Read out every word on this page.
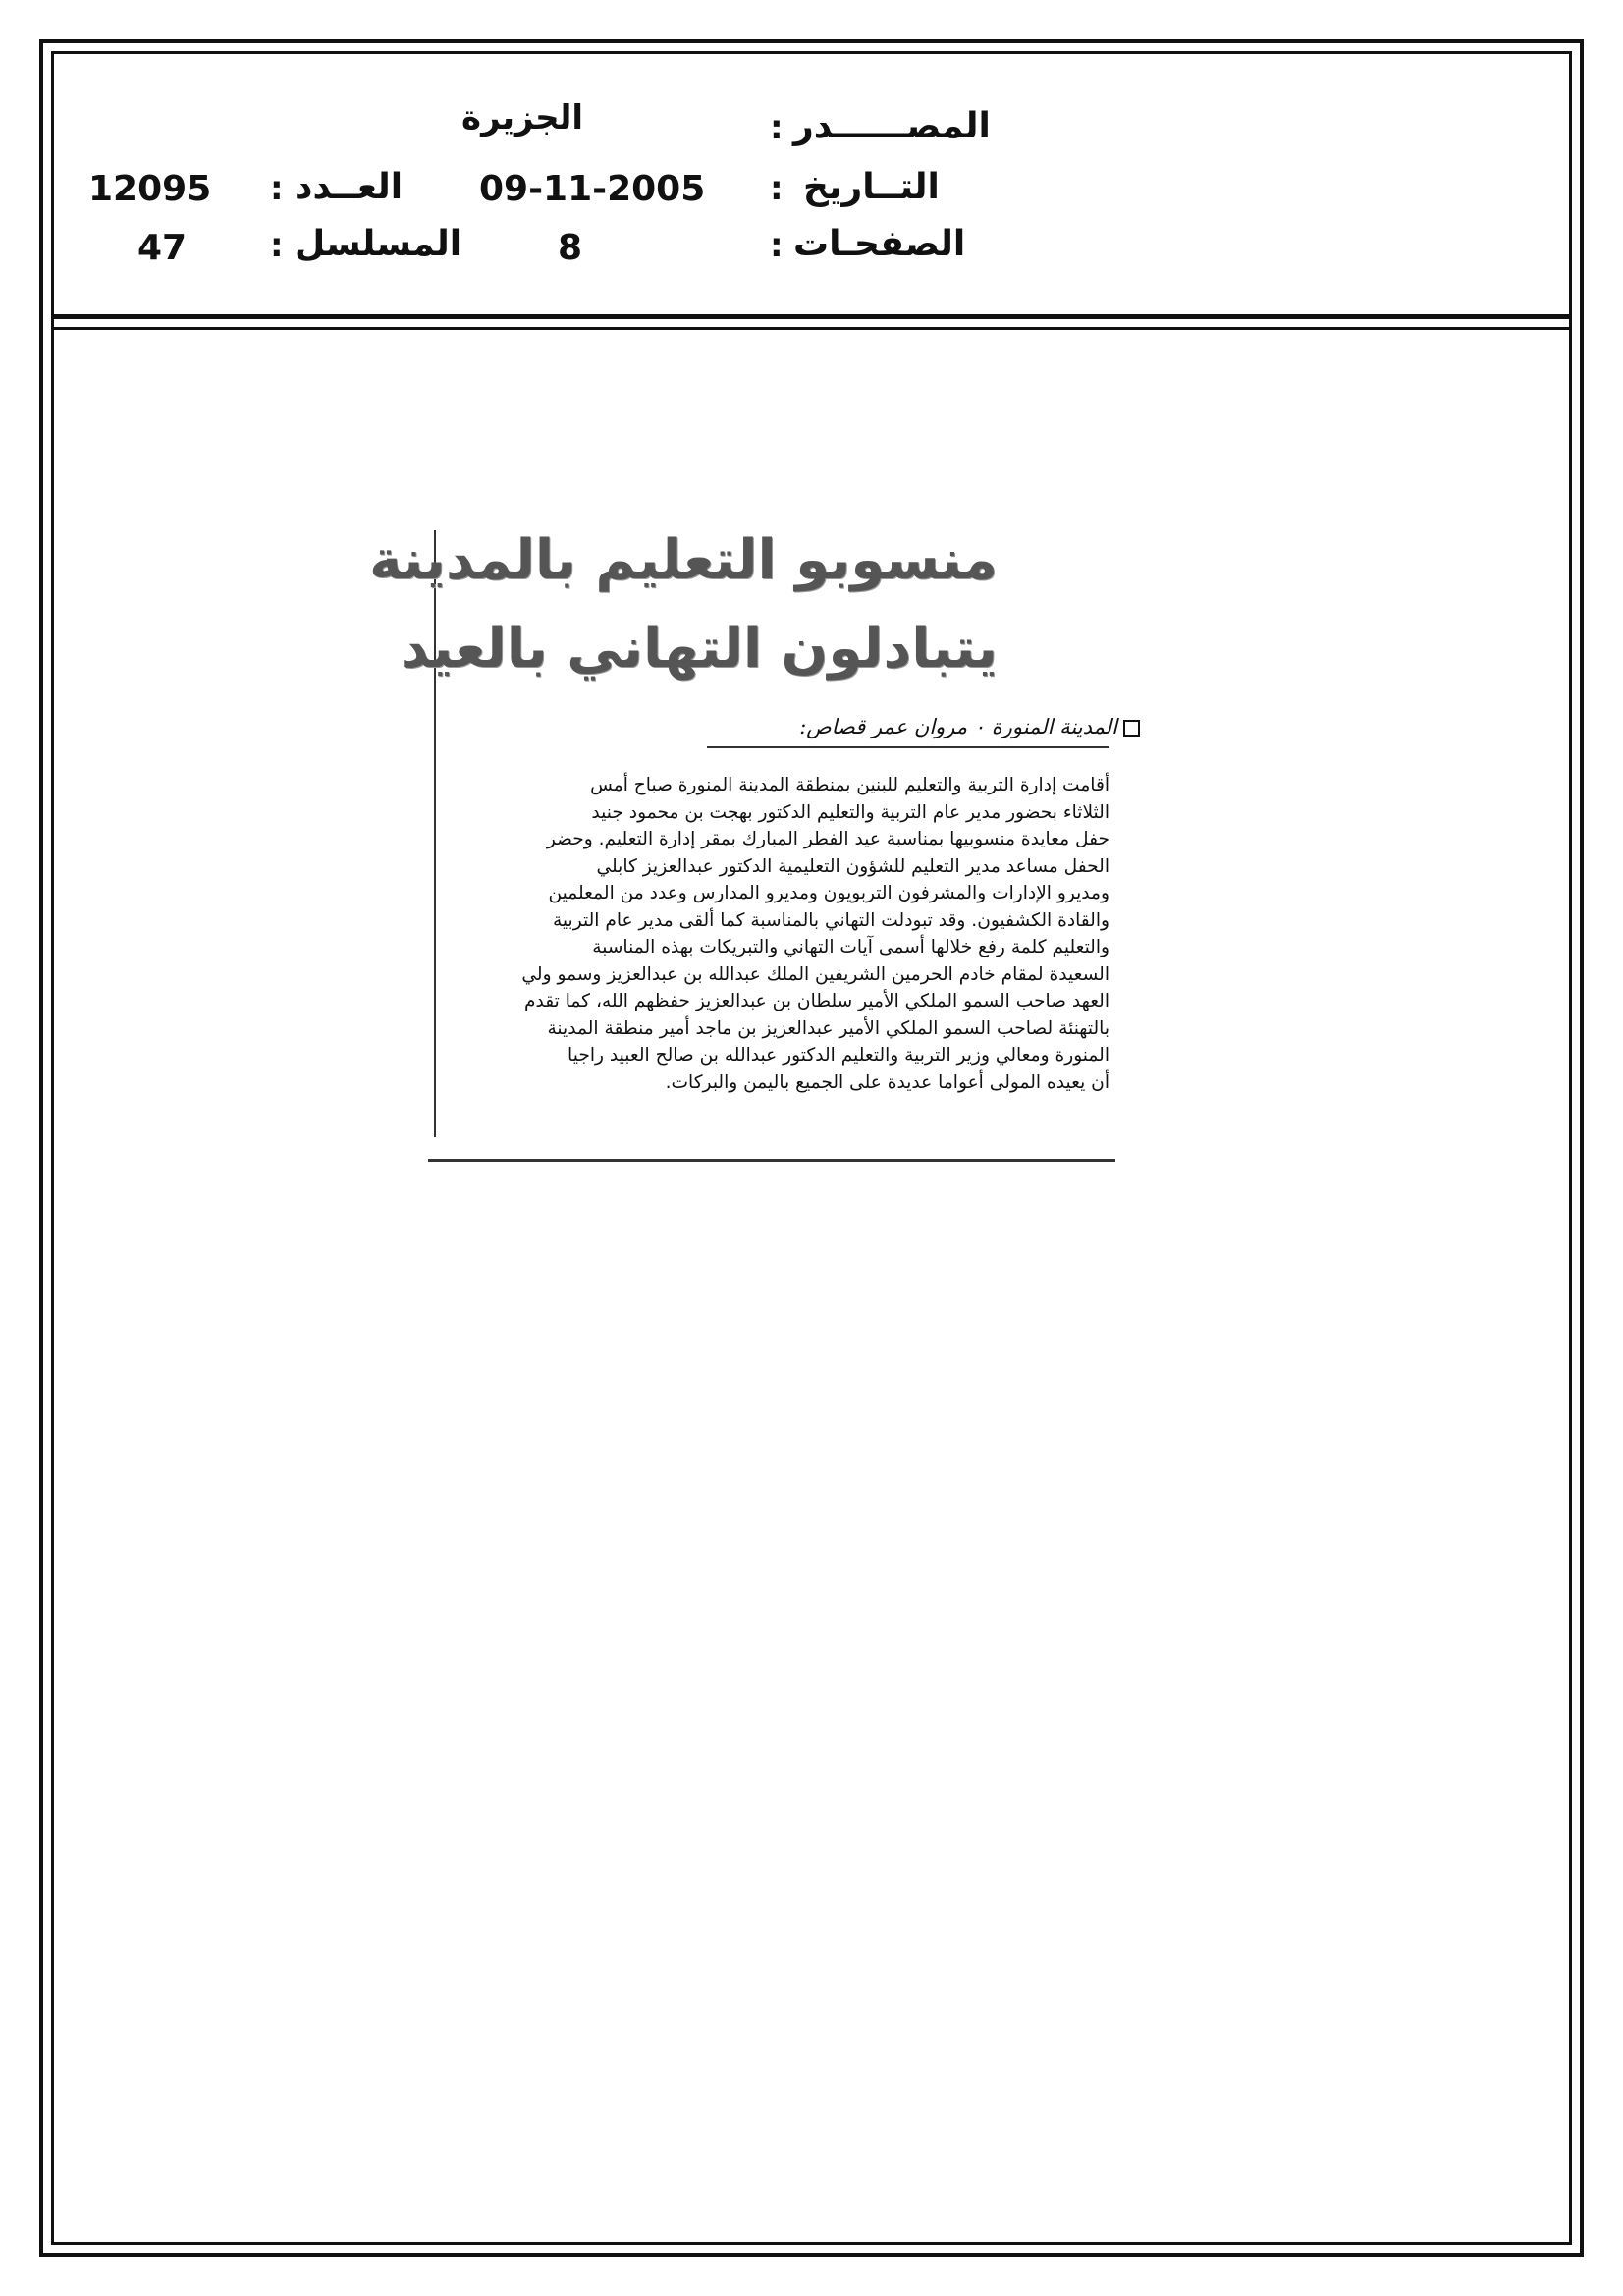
المصــــــدر
:
الجزيرة
التــاريخ
:
09-11-2005
العــدد
:
12095
الصفحـات
:
8
المسلسل
:
47
منسوبو التعليم بالمدينة
يتبادلون التهاني بالعيد
المدينة المنورة ٠ مروان عمر قصاص:

أقامت إدارة التربية والتعليم للبنين بمنطقة المدينة المنورة صباح أمس

الثلاثاء بحضور مدير عام التربية والتعليم الدكتور بهجت بن محمود جنيد

حفل معايدة منسوبيها بمناسبة عيد الفطر المبارك بمقر إدارة التعليم. وحضر

الحفل مساعد مدير التعليم للشؤون التعليمية الدكتور عبدالعزيز كابلي

ومديرو الإدارات والمشرفون التربويون ومديرو المدارس وعدد من المعلمين

والقادة الكشفيون. وقد تبودلت التهاني بالمناسبة كما ألقى مدير عام التربية

والتعليم كلمة رفع خلالها أسمى آيات التهاني والتبريكات بهذه المناسبة

السعيدة لمقام خادم الحرمين الشريفين الملك عبدالله بن عبدالعزيز وسمو ولي

العهد صاحب السمو الملكي الأمير سلطان بن عبدالعزيز حفظهم الله، كما تقدم

بالتهنئة لصاحب السمو الملكي الأمير عبدالعزيز بن ماجد أمير منطقة المدينة

المنورة ومعالي وزير التربية والتعليم الدكتور عبدالله بن صالح العبيد راجيا

أن يعيده المولى أعواما عديدة على الجميع باليمن والبركات.
